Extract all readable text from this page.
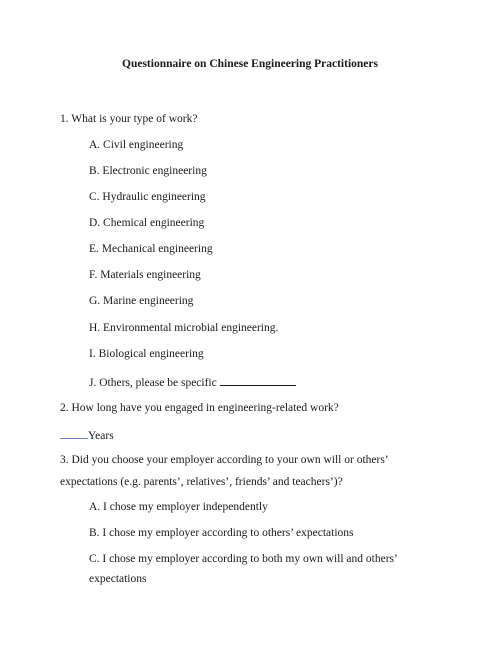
Questionnaire on Chinese Engineering Practitioners
1. What is your type of work?
A. Civil engineering
B. Electronic engineering
C. Hydraulic engineering
D. Chemical engineering
E. Mechanical engineering
F. Materials engineering
G. Marine engineering
H. Environmental microbial engineering.
I. Biological engineering
J. Others, please be specific
2. How long have you engaged in engineering-related work?
Years
3. Did you choose your employer according to your own will or others’
expectations (e.g. parents’, relatives’, friends’ and teachers’)?
A. I chose my employer independently
B. I chose my employer according to others’ expectations
C. I chose my employer according to both my own will and others’
expectations
